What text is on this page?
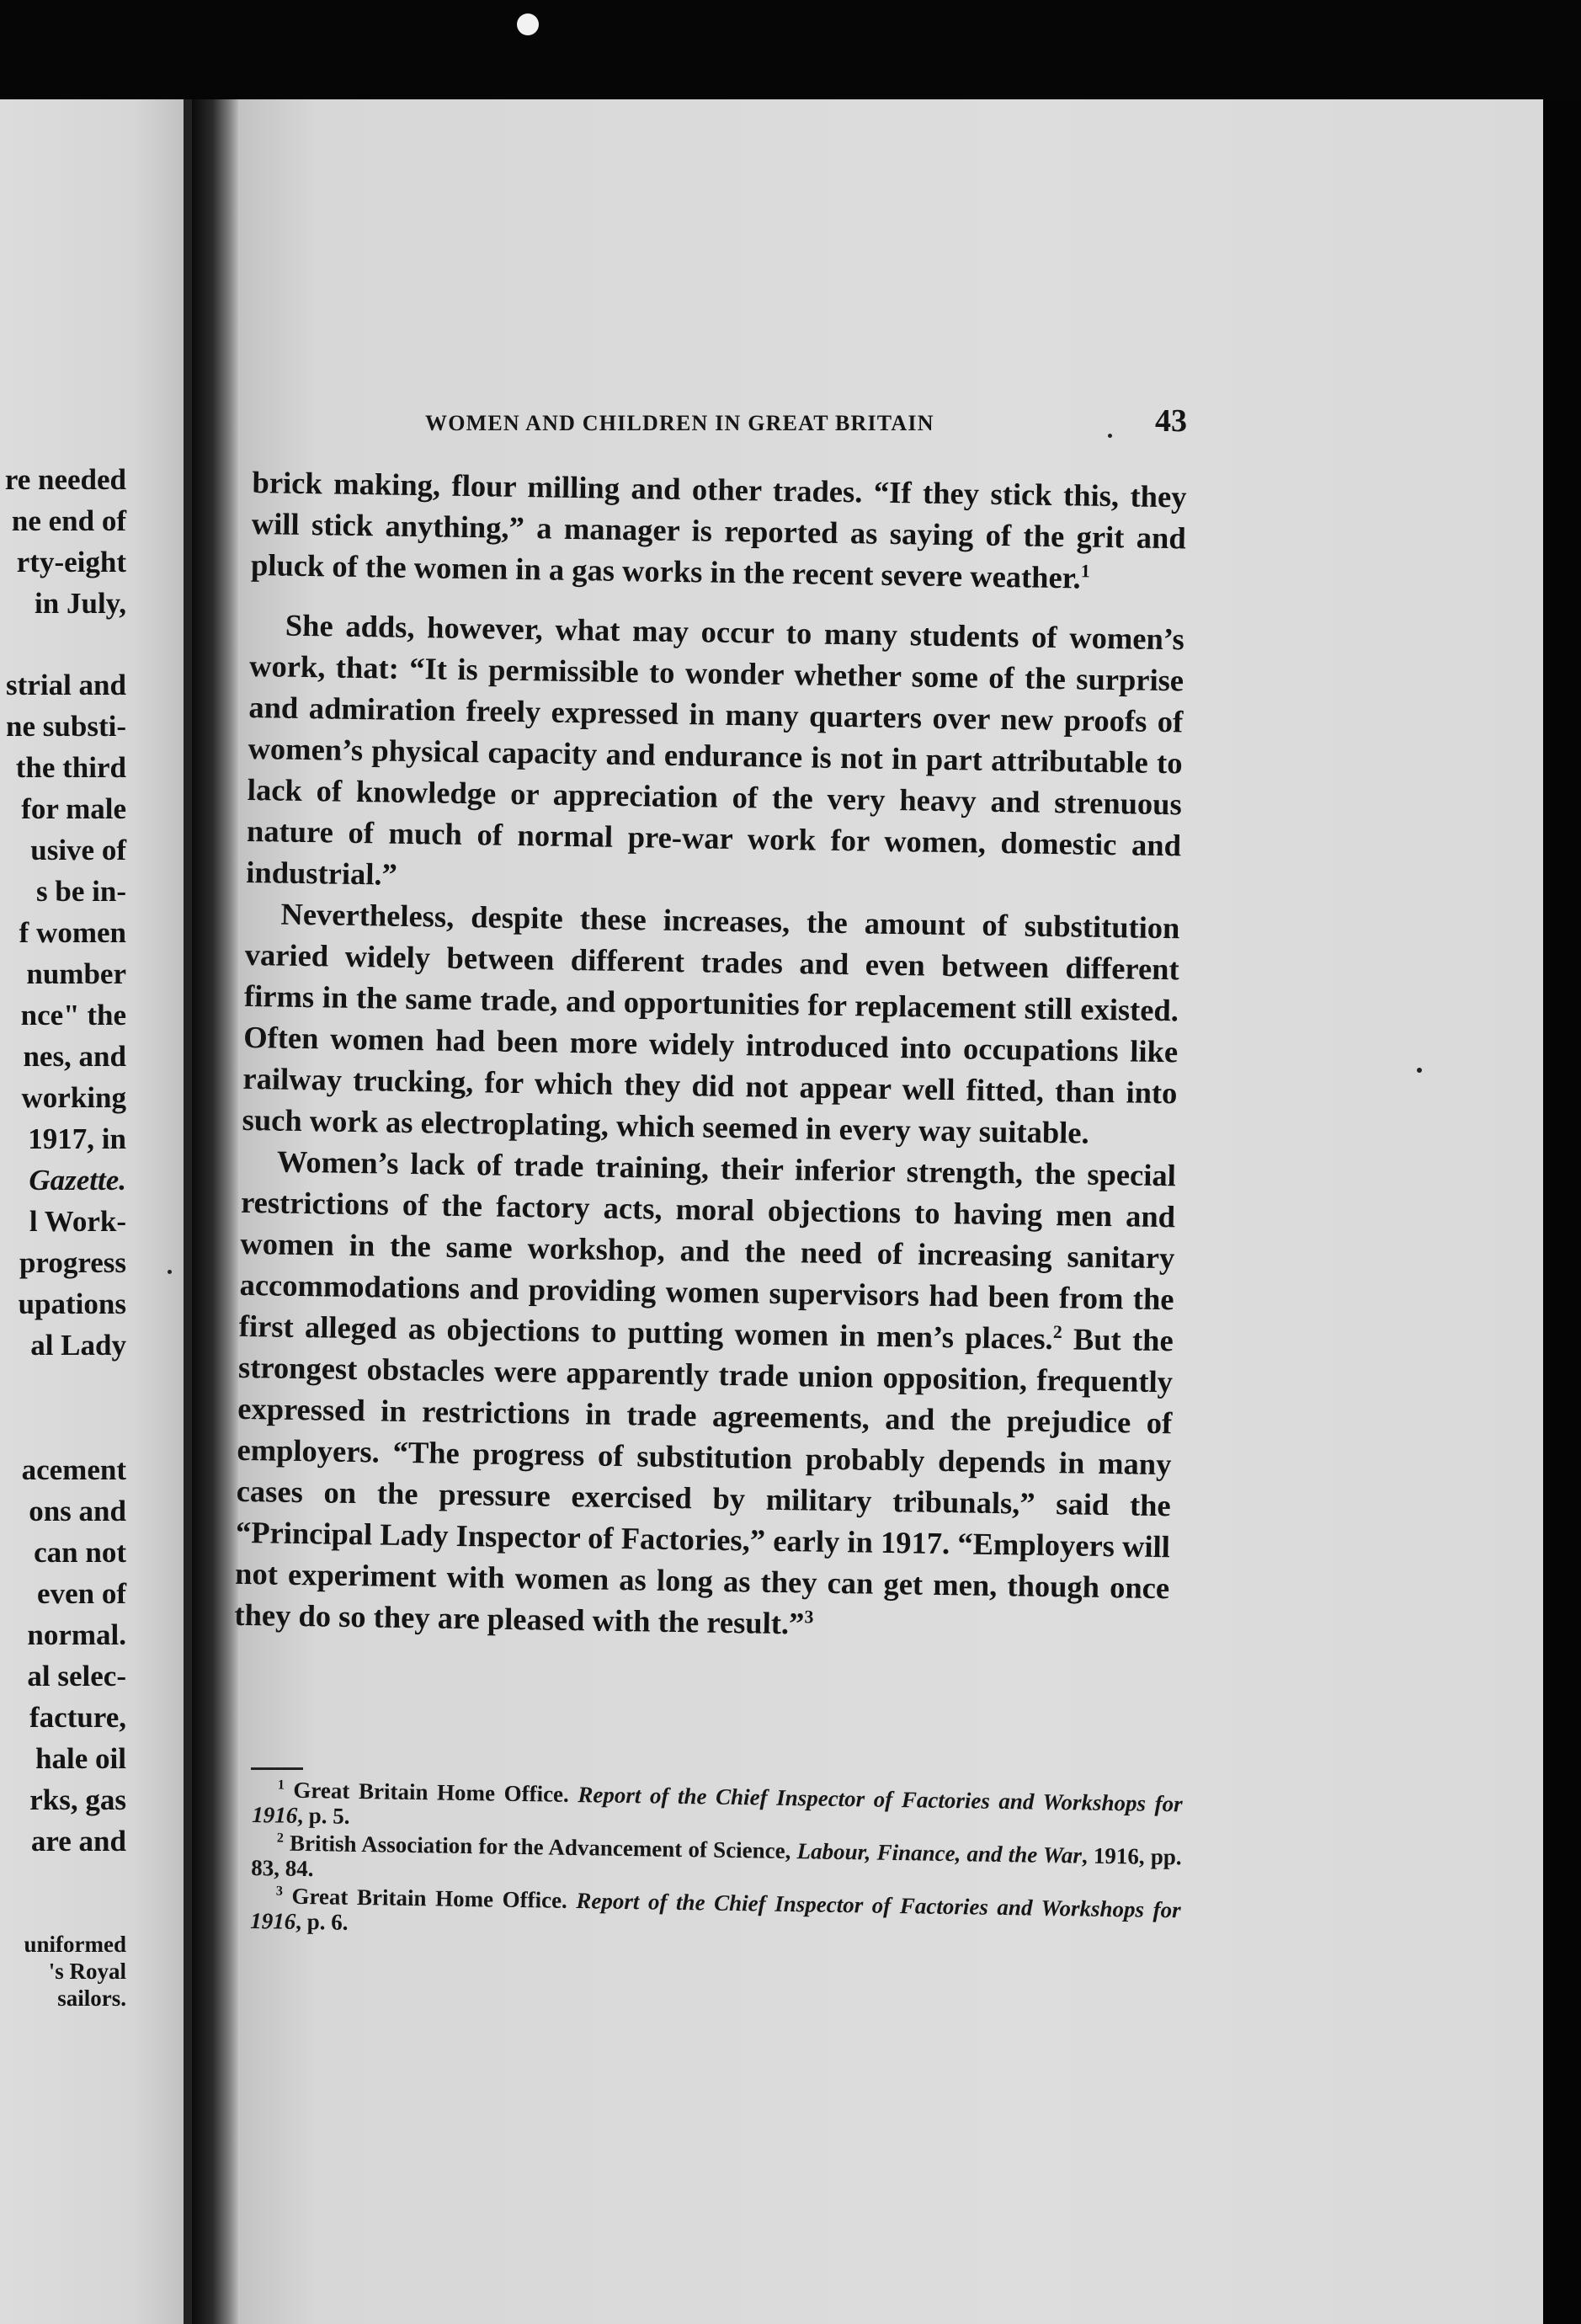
re needed
ne end of
rty-eight
in July,
strial and
ne substi-
the third
for male
usive of
s be in-
f women
number
nce" the
nes, and
working
1917, in
Gazette.
l Work-
progress
upations
al Lady
acement
ons and
can not
even of
normal.
al selec-
facture,
hale oil
rks, gas
are and
uniformed
's Royal
sailors.
WOMEN AND CHILDREN IN GREAT BRITAIN	43

brick making, flour milling and other trades. “If they stick this, they will stick anything,” a manager is reported as saying of the grit and pluck of the women in a gas works in the recent severe weather.$^1$

She adds, however, what may occur to many students of women’s work, that: “It is permissible to wonder whether some of the surprise and admiration freely expressed in many quarters over new proofs of women’s physical capacity and endurance is not in part attributable to lack of knowledge or appreciation of the very heavy and strenuous nature of much of normal pre-war work for women, domestic and industrial.”

Nevertheless, despite these increases, the amount of substitution varied widely between different trades and even between different firms in the same trade, and opportunities for replacement still existed. Often women had been more widely introduced into occupations like railway trucking, for which they did not appear well fitted, than into such work as electroplating, which seemed in every way suitable.

Women’s lack of trade training, their inferior strength, the special restrictions of the factory acts, moral objections to having men and women in the same workshop, and the need of increasing sanitary accommodations and providing women supervisors had been from the first alleged as objections to putting women in men’s places.$^2$ But the strongest obstacles were apparently trade union opposition, frequently expressed in restrictions in trade agreements, and the prejudice of employers. “The progress of substitution probably depends in many cases on the pressure exercised by military tribunals,” said the “Principal Lady Inspector of Factories,” early in 1917. “Employers will not experiment with women as long as they can get men, though once they do so they are pleased with the result.”$^3$

$^1$ Great Britain Home Office. Report of the Chief Inspector of Factories and Workshops for 1916, p. 5.

$^2$ British Association for the Advancement of Science, Labour, Finance, and the War, 1916, pp. 83, 84.

$^3$ Great Britain Home Office. Report of the Chief Inspector of Factories and Workshops for 1916, p. 6.
